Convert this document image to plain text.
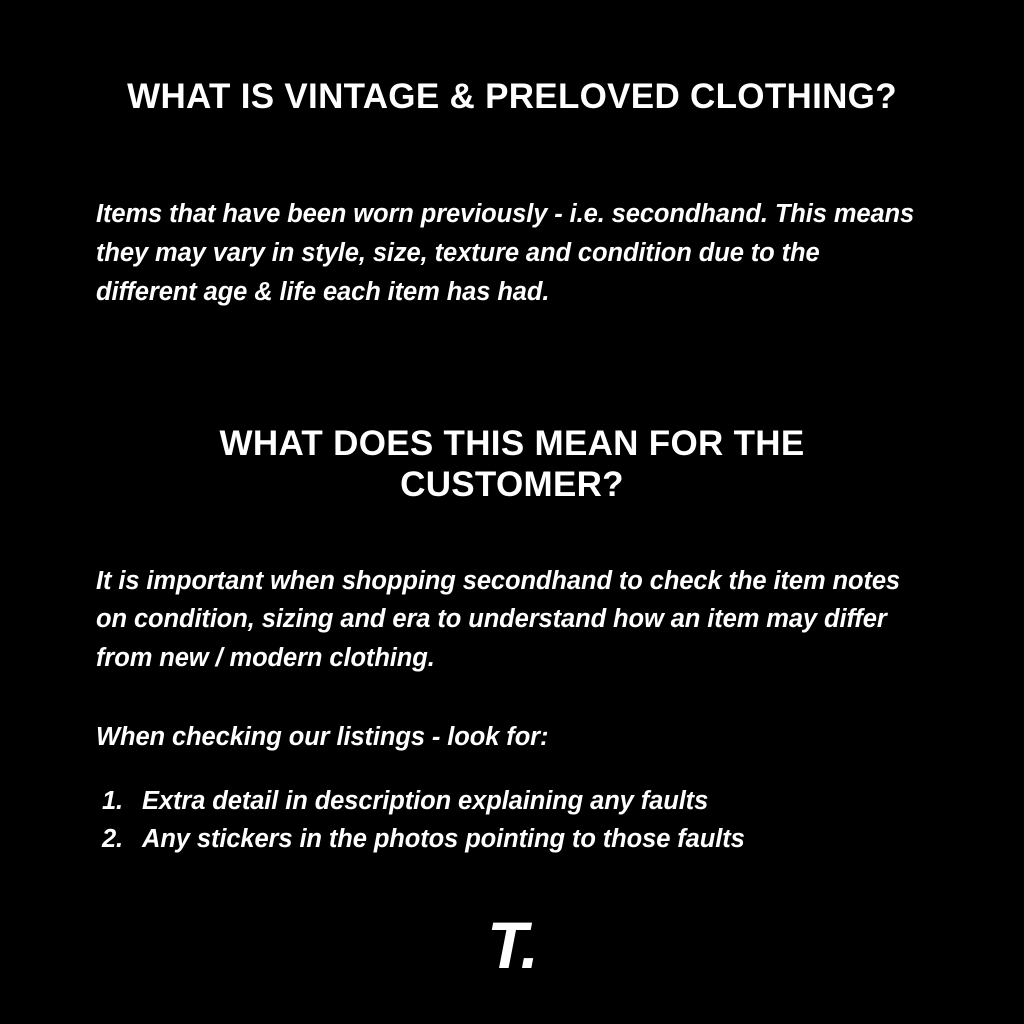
WHAT IS VINTAGE & PRELOVED CLOTHING?

Items that have been worn previously - i.e. secondhand. This means they may vary in style, size, texture and condition due to the different age & life each item has had.

WHAT DOES THIS MEAN FOR THE CUSTOMER?

It is important when shopping secondhand to check the item notes on condition, sizing and era to understand how an item may differ from new / modern clothing.

When checking our listings - look for:

1. Extra detail in description explaining any faults
2. Any stickers in the photos pointing to those faults
T.
